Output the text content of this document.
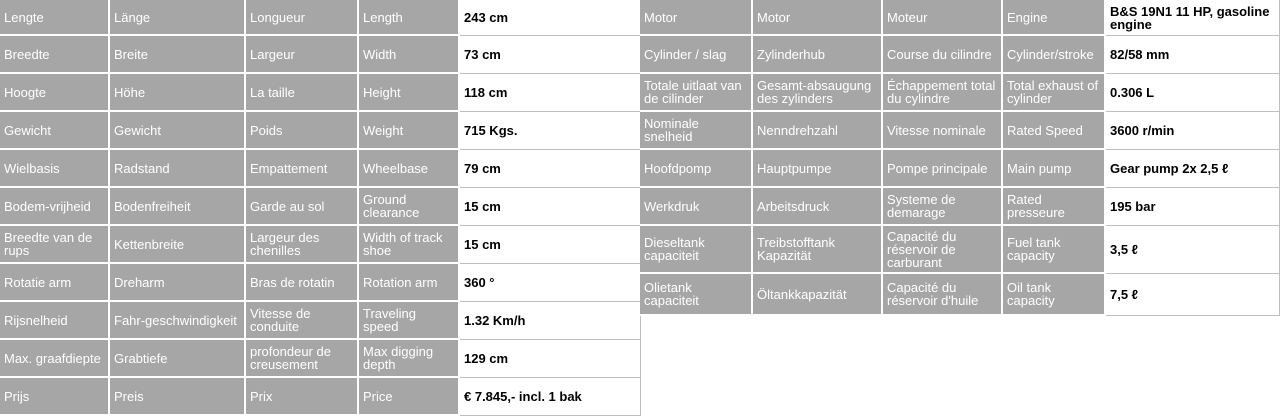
Lengte	Länge	Longueur	Length	243 cm
Breedte	Breite	Largeur	Width	73 cm
Hoogte	Höhe	La taille	Height	118 cm
Gewicht	Gewicht	Poids	Weight	715 Kgs.
Wielbasis	Radstand	Empattement	Wheelbase	79 cm
Bodem-vrijheid	Bodenfreiheit	Garde au sol	Ground clearance	15 cm
Breedte van de rups	Kettenbreite	Largeur des chenilles	Width of track shoe	15 cm
Rotatie arm	Dreharm	Bras de rotatin	Rotation arm	360 °
Rijsnelheid	Fahr-geschwindigkeit	Vitesse de conduite	Traveling speed	1.32 Km/h
Max. graafdiepte	Grabtiefe	profondeur de creusement	Max digging depth	129 cm
Prijs	Preis	Prix	Price	€ 7.845,- incl. 1 bak
Motor	Motor	Moteur	Engine	B&S 19N1 11 HP, gasoline engine
Cylinder / slag	Zylinderhub	Course du cilindre	Cylinder/stroke	82/58 mm
Totale uitlaat van de cilinder	Gesamt-absaugung des zylinders	Échappement total du cylindre	Total exhaust of cylinder	0.306 L
Nominale snelheid	Nenndrehzahl	Vitesse nominale	Rated Speed	3600 r/min
Hoofdpomp	Hauptpumpe	Pompe principale	Main pump	Gear pump 2x 2,5 ℓ
Werkdruk	Arbeitsdruck	Systeme de demarage	Rated presseure	195 bar
Dieseltank capaciteit	Treibstofftank Kapazität	Capacité du réservoir de carburant	Fuel tank capacity	3,5 ℓ
Olietank capaciteit	Öltankkapazität	Capacité du réservoir d'huile	Oil tank capacity	7,5 ℓ
